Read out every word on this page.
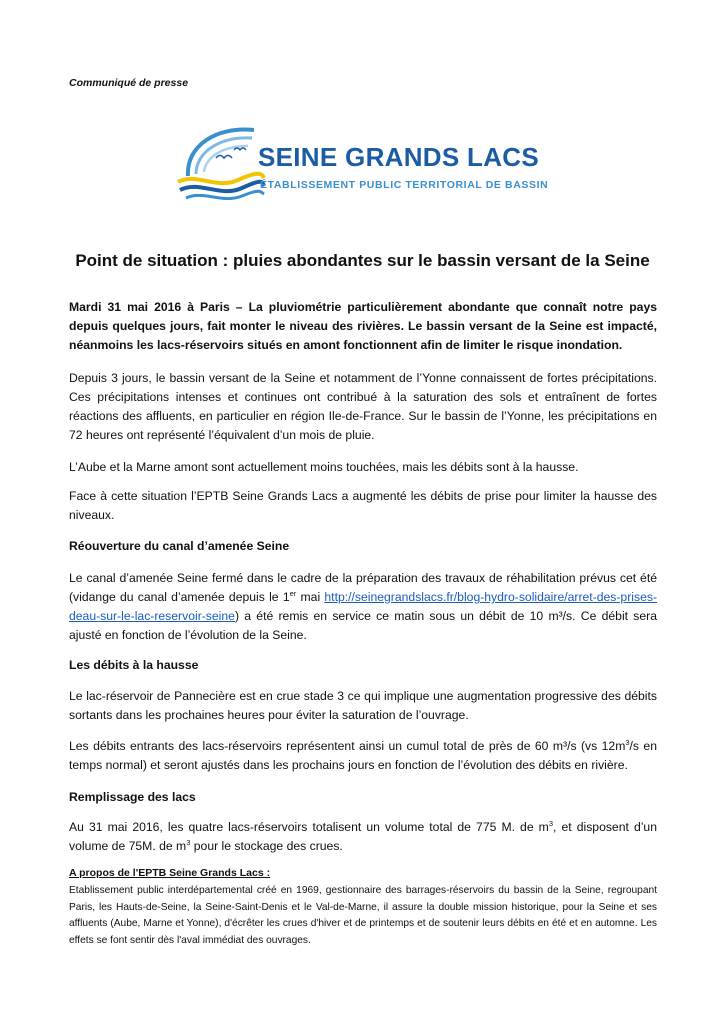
Communiqué de presse
SEINE GRANDS LACS
ÉTABLISSEMENT PUBLIC TERRITORIAL DE BASSIN
Point de situation : pluies abondantes sur le bassin versant de la Seine
Mardi 31 mai 2016 à Paris – La pluviométrie particulièrement abondante que connaît notre pays depuis quelques jours, fait monter le niveau des rivières. Le bassin versant de la Seine est impacté, néanmoins les lacs-réservoirs situés en amont fonctionnent afin de limiter le risque inondation.
Depuis 3 jours, le bassin versant de la Seine et notamment de l’Yonne connaissent de fortes précipitations. Ces précipitations intenses et continues ont contribué à la saturation des sols et entraînent de fortes réactions des affluents, en particulier en région Ile-de-France. Sur le bassin de l’Yonne, les précipitations en 72 heures ont représenté l’équivalent d’un mois de pluie.
L’Aube et la Marne amont sont actuellement moins touchées, mais les débits sont à la hausse.
Face à cette situation l’EPTB Seine Grands Lacs a augmenté les débits de prise pour limiter la hausse des niveaux.
Réouverture du canal d’amenée Seine
Le canal d’amenée Seine fermé dans le cadre de la préparation des travaux de réhabilitation prévus cet été (vidange du canal d’amenée depuis le 1er mai http://seinegrandslacs.fr/blog-hydro-solidaire/arret-des-prises-deau-sur-le-lac-reservoir-seine) a été remis en service ce matin sous un débit de 10 m³/s. Ce débit sera ajusté en fonction de l’évolution de la Seine.
Les débits à la hausse
Le lac-réservoir de Pannecière est en crue stade 3 ce qui implique une augmentation progressive des débits sortants dans les prochaines heures pour éviter la saturation de l’ouvrage.
Les débits entrants des lacs-réservoirs représentent ainsi un cumul total de près de 60 m³/s (vs $12m^3/s$ en temps normal) et seront ajustés dans les prochains jours en fonction de l’évolution des débits en rivière.
Remplissage des lacs
Au 31 mai 2016, les quatre lacs-réservoirs totalisent un volume total de 775 M. de $m^3$, et disposent d’un volume de 75M. de $m^3$ pour le stockage des crues.
A propos de l'EPTB Seine Grands Lacs :
Etablissement public interdépartemental créé en 1969, gestionnaire des barrages-réservoirs du bassin de la Seine, regroupant Paris, les Hauts-de-Seine, la Seine-Saint-Denis et le Val-de-Marne, il assure la double mission historique, pour la Seine et ses affluents (Aube, Marne et Yonne), d'écrêter les crues d'hiver et de printemps et de soutenir leurs débits en été et en automne. Les effets se font sentir dès l'aval immédiat des ouvrages.
